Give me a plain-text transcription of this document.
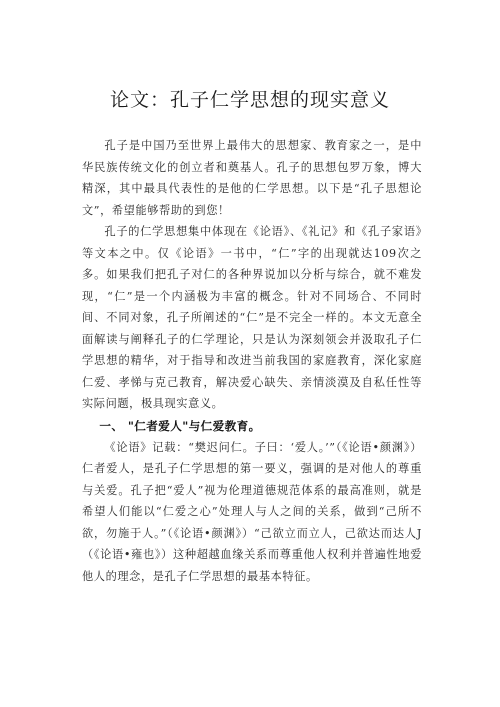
论文：孔子仁学思想的现实意义

孔子是中国乃至世界上最伟大的思想家、教育家之一，是中华民族传统文化的创立者和奠基人。孔子的思想包罗万象，博大精深，其中最具代表性的是他的仁学思想。以下是“孔子思想论文”，希望能够帮助的到您！

孔子的仁学思想集中体现在《论语》、《礼记》和《孔子家语》等文本之中。仅《论语》一书中，“仁”字的出现就达109次之多。如果我们把孔子对仁的各种界说加以分析与综合，就不难发现，“仁”是一个内涵极为丰富的概念。针对不同场合、不同时间、不同对象，孔子所阐述的“仁”是不完全一样的。本文无意全面解读与阐释孔子的仁学理论，只是认为深刻领会并汲取孔子仁学思想的精华，对于指导和改进当前我国的家庭教育，深化家庭仁爱、孝悌与克己教育，解决爱心缺失、亲情淡漠及自私任性等实际问题，极具现实意义。

一、 "仁者爱人"与仁爱教育。

《论语》记载：“樊迟问仁。子曰：‘爱人。’”（《论语•颜渊》）仁者爱人，是孔子仁学思想的第一要义，强调的是对他人的尊重与关爱。孔子把“爱人”视为伦理道德规范体系的最高准则，就是希望人们能以“仁爱之心”处理人与人之间的关系，做到“己所不欲，勿施于人。”（《论语•颜渊》）“己欲立而立人，己欲达而达人J（《论语•雍也》）这种超越血缘关系而尊重他人权利并普遍性地爱他人的理念，是孔子仁学思想的最基本特征。
